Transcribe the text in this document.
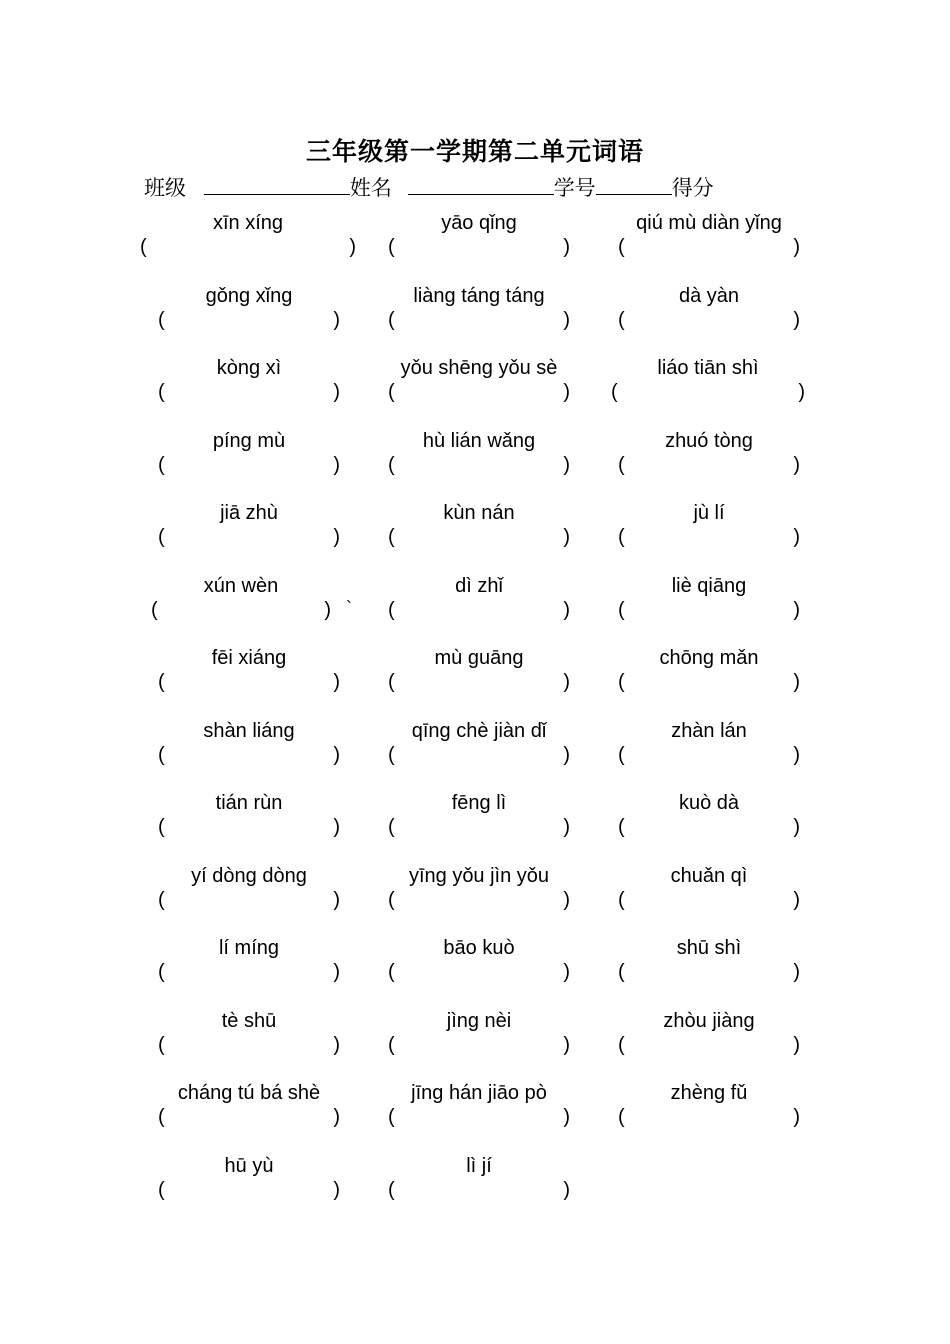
三年级第一学期第二单元词语
班级	姓名	学号	得分
xīn xíng
(	)
yāo qǐng
(	)
qiú mù diàn yǐng
(	)
gǒng xǐng
(	)
liàng táng táng
(	)
dà yàn
(	)
kòng xì
(	)
yǒu shēng yǒu sè
(	)
liáo tiān shì
(	)
píng mù
(	)
hù lián wǎng
(	)
zhuó tòng
(	)
jiā zhù
(	)
kùn nán
(	)
jù lí
(	)
xún wèn
(	)
dì zhǐ
(	)
liè qiāng
(	)
fēi xiáng
(	)
mù guāng
(	)
chōng mǎn
(	)
shàn liáng
(	)
qīng chè jiàn dǐ
(	)
zhàn lán
(	)
tián rùn
(	)
fēng lì
(	)
kuò dà
(	)
yí dòng dòng
(	)
yīng yǒu jìn yǒu
(	)
chuǎn qì
(	)
lí míng
(	)
bāo kuò
(	)
shū shì
(	)
tè shū
(	)
jìng nèi
(	)
zhòu jiàng
(	)
cháng tú bá shè
(	)
jīng hán jiāo pò
(	)
zhèng fǔ
(	)
hū yù
(	)
lì jí
(	)
`
